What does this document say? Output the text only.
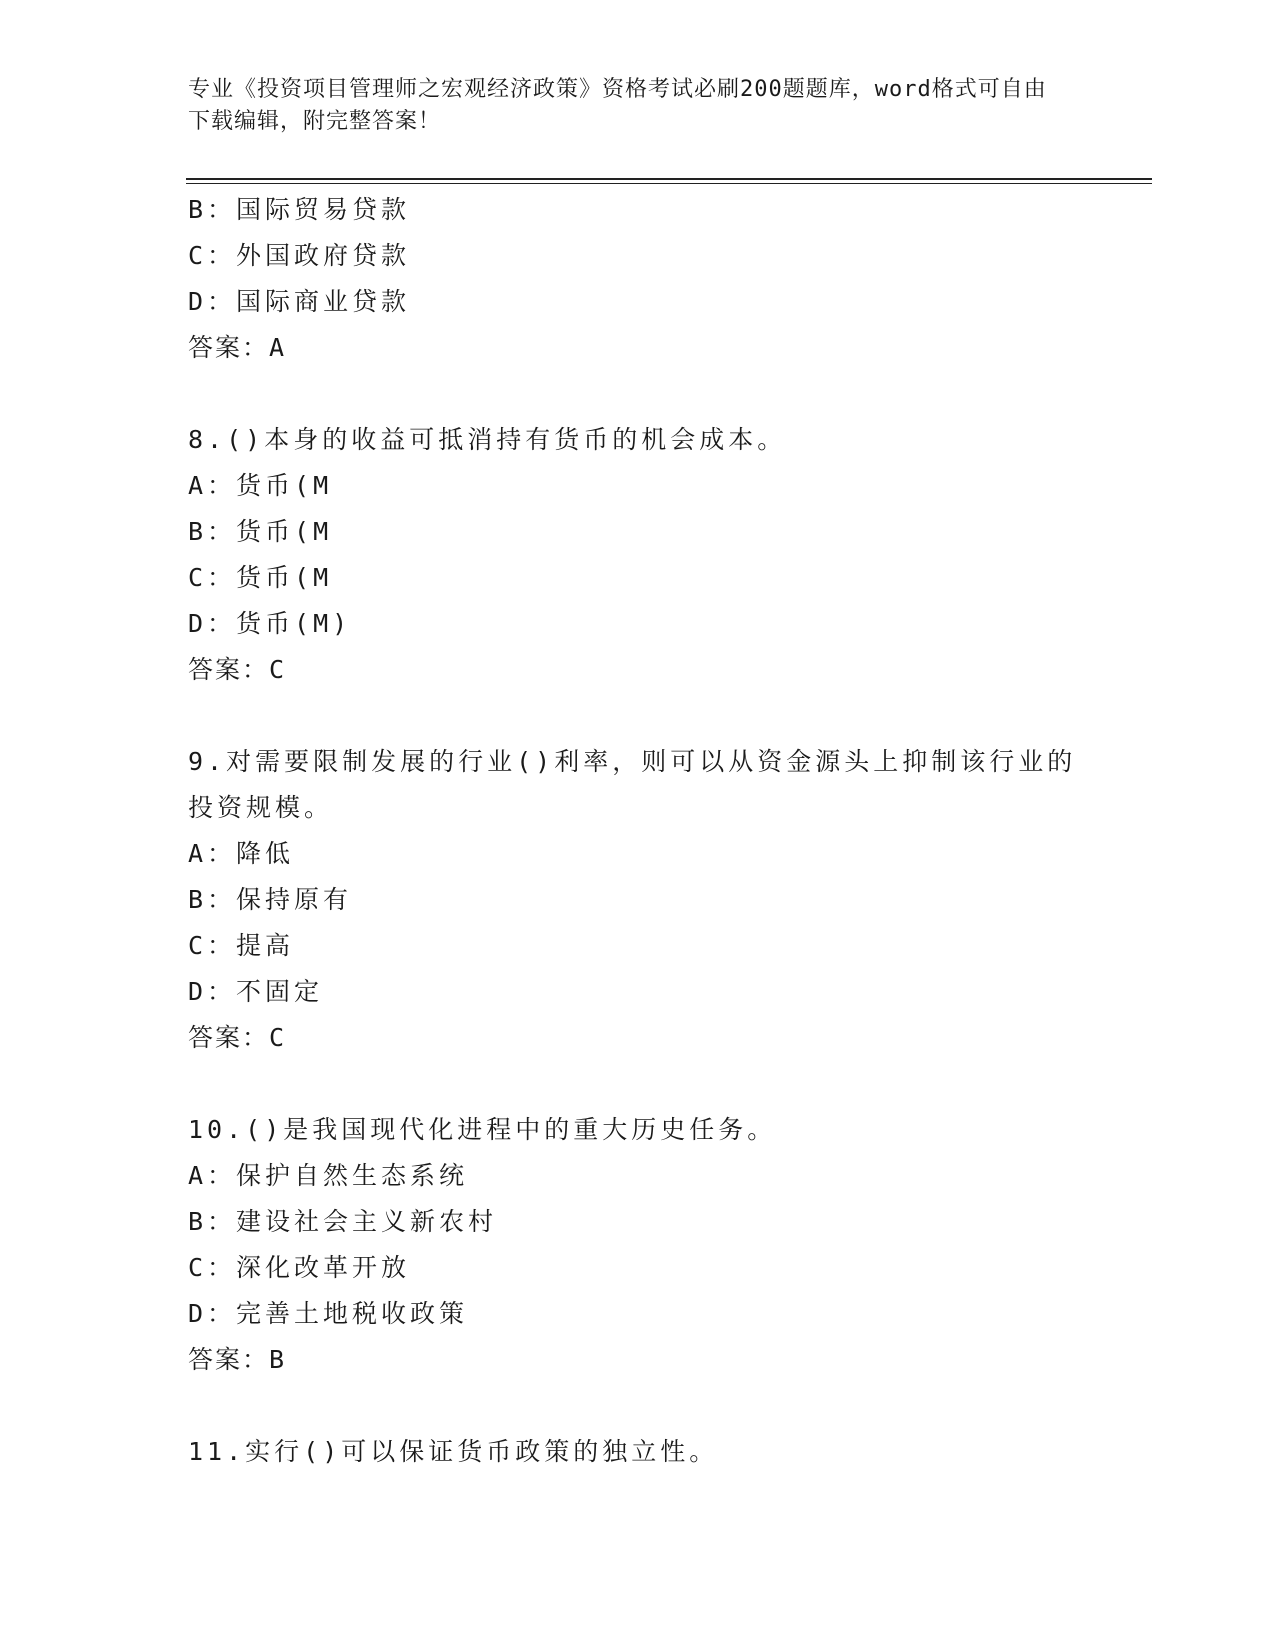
专业《投资项目管理师之宏观经济政策》资格考试必刷200题题库，word格式可自由下载编辑，附完整答案！
B：国际贸易贷款
C：外国政府贷款
D：国际商业贷款
答案：A
8.()本身的收益可抵消持有货币的机会成本。
A：货币(M
B：货币(M
C：货币(M
D：货币(M)
答案：C
9.对需要限制发展的行业()利率，则可以从资金源头上抑制该行业的投资规模。
A：降低
B：保持原有
C：提高
D：不固定
答案：C
10.()是我国现代化进程中的重大历史任务。
A：保护自然生态系统
B：建设社会主义新农村
C：深化改革开放
D：完善土地税收政策
答案：B
11.实行()可以保证货币政策的独立性。
